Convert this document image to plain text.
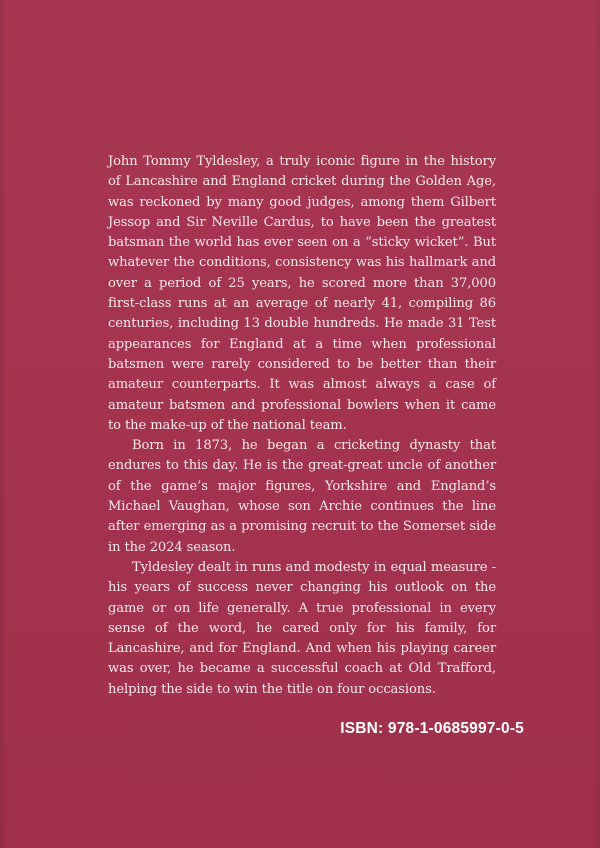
John Tommy Tyldesley, a truly iconic figure in the history of Lancashire and England cricket during the Golden Age, was reckoned by many good judges, among them Gilbert Jessop and Sir Neville Cardus, to have been the greatest batsman the world has ever seen on a “sticky wicket”. But whatever the conditions, consistency was his hallmark and over a period of 25 years, he scored more than 37,000 first-class runs at an average of nearly 41, compiling 86 centuries, including 13 double hundreds. He made 31 Test appearances for England at a time when professional batsmen were rarely considered to be better than their amateur counterparts. It was almost always a case of amateur batsmen and professional bowlers when it came to the make-up of the national team.

Born in 1873, he began a cricketing dynasty that endures to this day. He is the great-great uncle of another of the game’s major figures, Yorkshire and England’s Michael Vaughan, whose son Archie continues the line after emerging as a promising recruit to the Somerset side in the 2024 season.

Tyldesley dealt in runs and modesty in equal measure - his years of success never changing his outlook on the game or on life generally. A true professional in every sense of the word, he cared only for his family, for Lancashire, and for England. And when his playing career was over, he became a successful coach at Old Trafford, helping the side to win the title on four occasions.

ISBN: 978-1-0685997-0-5
